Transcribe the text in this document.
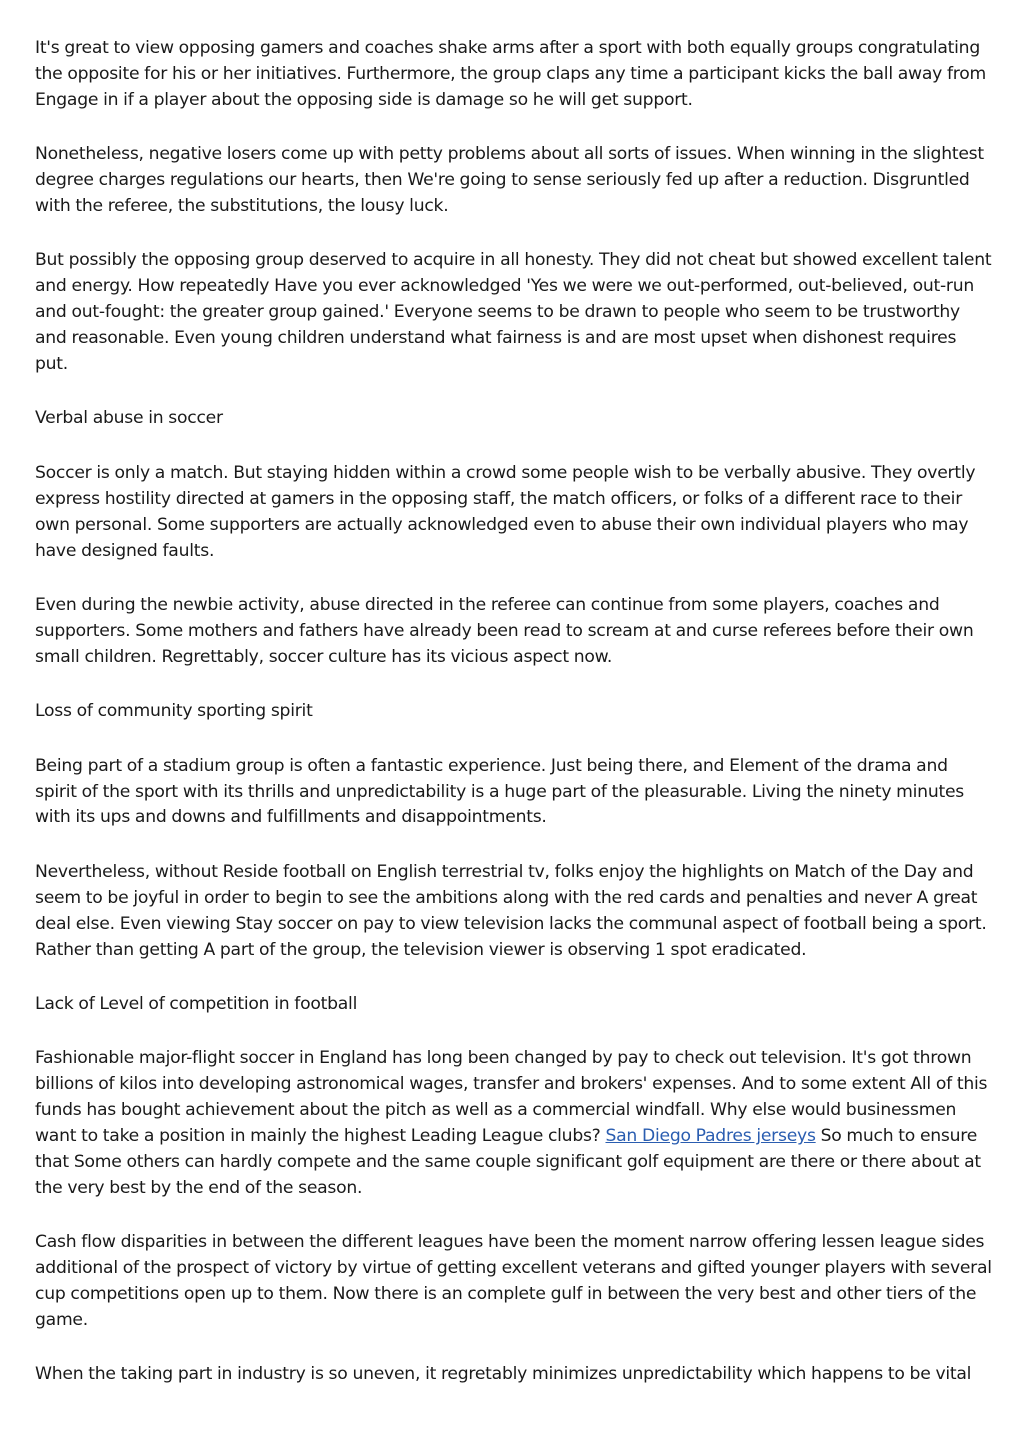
It's great to view opposing gamers and coaches shake arms after a sport with both equally groups congratulating the opposite for his or her initiatives. Furthermore, the group claps any time a participant kicks the ball away from Engage in if a player about the opposing side is damage so he will get support.

Nonetheless, negative losers come up with petty problems about all sorts of issues. When winning in the slightest degree charges regulations our hearts, then We're going to sense seriously fed up after a reduction. Disgruntled with the referee, the substitutions, the lousy luck.

But possibly the opposing group deserved to acquire in all honesty. They did not cheat but showed excellent talent and energy. How repeatedly Have you ever acknowledged 'Yes we were we out-performed, out-believed, out-run and out-fought: the greater group gained.' Everyone seems to be drawn to people who seem to be trustworthy and reasonable. Even young children understand what fairness is and are most upset when dishonest requires put.

Verbal abuse in soccer

Soccer is only a match. But staying hidden within a crowd some people wish to be verbally abusive. They overtly express hostility directed at gamers in the opposing staff, the match officers, or folks of a different race to their own personal. Some supporters are actually acknowledged even to abuse their own individual players who may have designed faults.

Even during the newbie activity, abuse directed in the referee can continue from some players, coaches and supporters. Some mothers and fathers have already been read to scream at and curse referees before their own small children. Regrettably, soccer culture has its vicious aspect now.

Loss of community sporting spirit

Being part of a stadium group is often a fantastic experience. Just being there, and Element of the drama and spirit of the sport with its thrills and unpredictability is a huge part of the pleasurable. Living the ninety minutes with its ups and downs and fulfillments and disappointments.

Nevertheless, without Reside football on English terrestrial tv, folks enjoy the highlights on Match of the Day and seem to be joyful in order to begin to see the ambitions along with the red cards and penalties and never A great deal else. Even viewing Stay soccer on pay to view television lacks the communal aspect of football being a sport. Rather than getting A part of the group, the television viewer is observing 1 spot eradicated.

Lack of Level of competition in football

Fashionable major-flight soccer in England has long been changed by pay to check out television. It's got thrown billions of kilos into developing astronomical wages, transfer and brokers' expenses. And to some extent All of this funds has bought achievement about the pitch as well as a commercial windfall. Why else would businessmen want to take a position in mainly the highest Leading League clubs? San Diego Padres jerseys So much to ensure that Some others can hardly compete and the same couple significant golf equipment are there or there about at the very best by the end of the season.

Cash flow disparities in between the different leagues have been the moment narrow offering lessen league sides additional of the prospect of victory by virtue of getting excellent veterans and gifted younger players with several cup competitions open up to them. Now there is an complete gulf in between the very best and other tiers of the game.

When the taking part in industry is so uneven, it regretably minimizes unpredictability which happens to be vital
